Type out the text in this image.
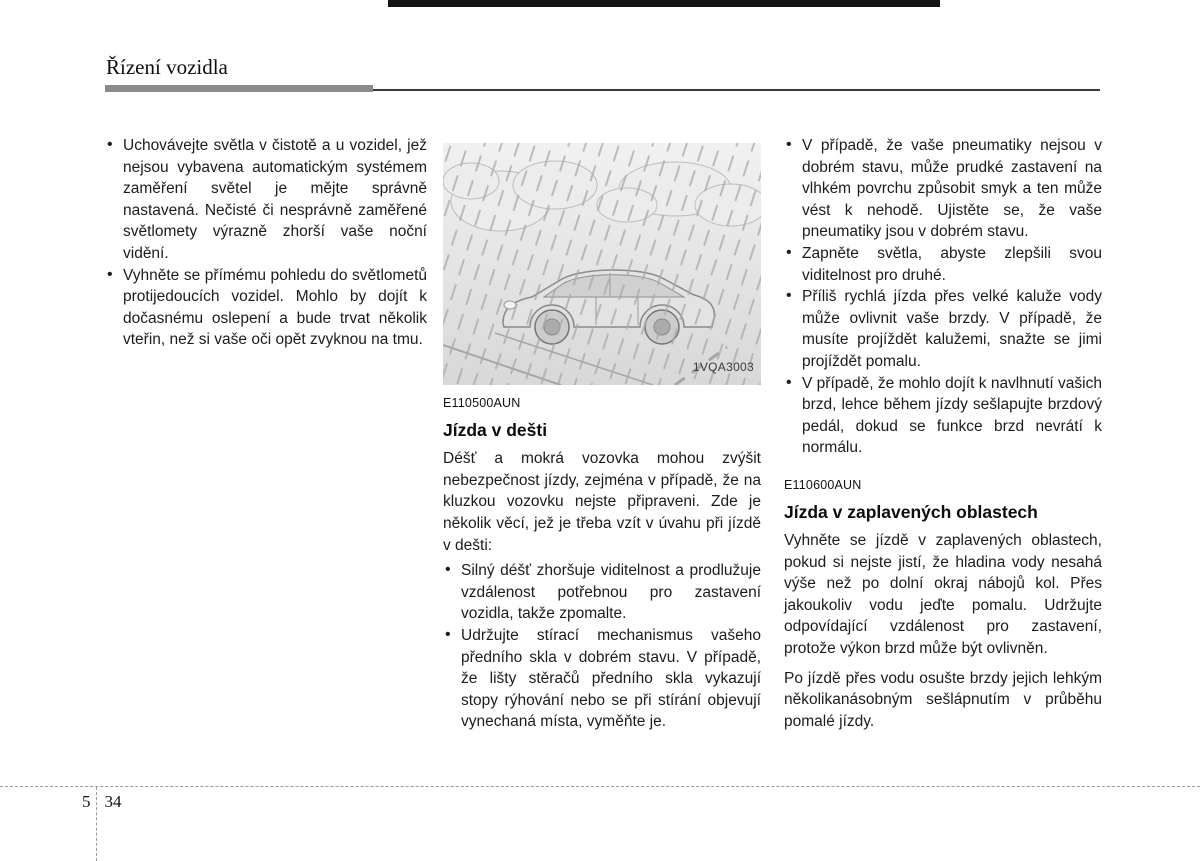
Řízení vozidla
• Uchovávejte světla v čistotě a u vozidel, jež nejsou vybavena automatickým systémem zaměření světel je mějte správně nastavená. Nečisté či nesprávně zaměřené světlomety výrazně zhorší vaše noční vidění.
• Vyhněte se přímému pohledu do světlometů protijedoucích vozidel. Mohlo by dojít k dočasnému oslepení a bude trvat několik vteřin, než si vaše oči opět zvyknou na tmu.
1VQA3003
E110500AUN
Jízda v dešti

Déšť a mokrá vozovka mohou zvýšit nebezpečnost jízdy, zejména v případě, že na kluzkou vozovku nejste připraveni. Zde je několik věcí, jež je třeba vzít v úvahu při jízdě v dešti:

• Silný déšť zhoršuje viditelnost a prodlužuje vzdálenost potřebnou pro zastavení vozidla, takže zpomalte.
• Udržujte stírací mechanismus vašeho předního skla v dobrém stavu. V případě, že lišty stěračů předního skla vykazují stopy rýhování nebo se při stírání objevují vynechaná místa, vyměňte je.
• V případě, že vaše pneumatiky nejsou v dobrém stavu, může prudké zastavení na vlhkém povrchu způsobit smyk a ten může vést k nehodě. Ujistěte se, že vaše pneumatiky jsou v dobrém stavu.
• Zapněte světla, abyste zlepšili svou viditelnost pro druhé.
• Příliš rychlá jízda přes velké kaluže vody může ovlivnit vaše brzdy. V případě, že musíte projíždět kalužemi, snažte se jimi projíždět pomalu.
• V případě, že mohlo dojít k navlhnutí vašich brzd, lehce během jízdy sešlapujte brzdový pedál, dokud se funkce brzd nevrátí k normálu.
E110600AUN
Jízda v zaplavených oblastech

Vyhněte se jízdě v zaplavených oblastech, pokud si nejste jistí, že hladina vody nesahá výše než po dolní okraj nábojů kol. Přes jakoukoliv vodu jeďte pomalu. Udržujte odpovídající vzdálenost pro zastavení, protože výkon brzd může být ovlivněn.

Po jízdě přes vodu osušte brzdy jejich lehkým několikanásobným sešlápnutím v průběhu pomalé jízdy.

5 34
